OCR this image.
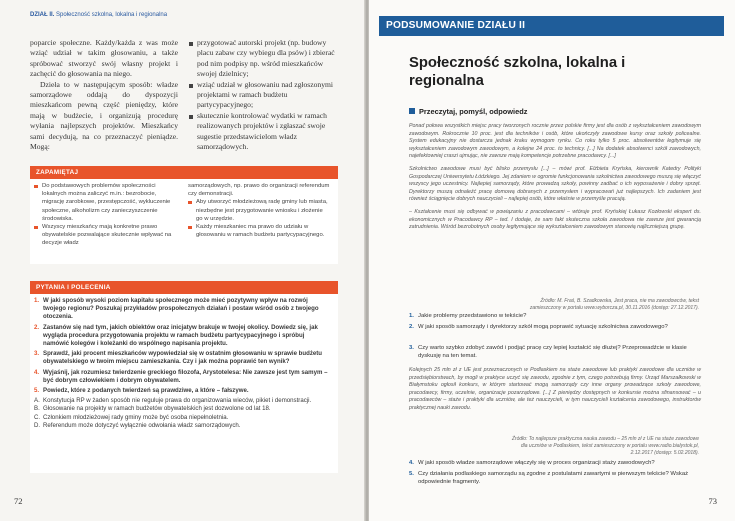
DZIAŁ II. Społeczność szkolna, lokalna i regionalna

poparcie społeczne. Każdy/każda z was może wziąć udział w takim głosowaniu, a także spróbować stworzyć swój własny projekt i zachęcić do głosowania na niego.

Dzieła to w następującym sposób: władze samorządowe oddają do dyspozycji mieszkańcom pewną część pieniędzy, które mają w budżecie, i organizują procedurę wyłania najlepszych projektów. Mieszkańcy sami decydują, na co przeznaczyć pieniądze. Mogą:

przygotować autorski projekt (np. budowy placu zabaw czy wybiegu dla psów) i zbierać pod nim podpisy np. wśród mieszkańców swojej dzielnicy;
wziąć udział w głosowaniu nad zgłoszonymi projektami w ramach budżetu partycypacyjnego;
skutecznie kontrolować wydatki w ramach realizowanych projektów i zgłaszać swoje sugestie przedstawicielom władz samorządowych.
ZAPAMIĘTAJ
Do podstawowych problemów społeczności lokalnych można zaliczyć m.in.: bezrobocie, migrację zarobkowe, przestępczość, wykluczenie społeczne, alkoholizm czy zanieczyszczenie środowiska.
Wszyscy mieszkańcy mają konkretne prawo obywatelskie pozwalające skutecznie wpływać na decyzje władz
samorządowych, np. prawo do organizacji referendum czy demonstracji.
Aby utworzyć młodzieżową radę gminy lub miasta, niezbędne jest przygotowanie wniosku i złożenie go w urzędzie.
Każdy mieszkaniec ma prawo do udziału w głosowaniu w ramach budżetu partycypacyjnego.
PYTANIA I POLECENIA
1. W jaki sposób wysoki poziom kapitału społecznego może mieć pozytywny wpływ na rozwój twojego regionu? Poszukaj przykładów prospołecznych działań i postaw wśród osób z twojego otoczenia.
2. Zastanów się nad tym, jakich obiektów oraz inicjatyw brakuje w twojej okolicy. Dowiedz się, jak wygląda procedura przygotowania projektu w ramach budżetu partycypacyjnego i spróbuj namówić kolegów i koleżanki do wspólnego napisania projektu.
3. Sprawdź, jaki procent mieszkańców wypowiedział się w ostatnim głosowaniu w sprawie budżetu obywatelskiego w twoim miejscu zamieszkania. Czy i jak można poprawić ten wynik?
4. Wyjaśnij, jak rozumiesz twierdzenie greckiego filozofa, Arystotelesa: Nie zawsze jest tym samym – być dobrym człowiekiem i dobrym obywatelem.
5. Powiedz, które z podanych twierdzeń są prawdziwe, a które – fałszywe.
A. Konstytucja RP w żaden sposób nie reguluje prawa do organizowania wieców, pikiet i demonstracji.
B. Głosowanie na projekty w ramach budżetów obywatelskich jest dozwolone od lat 18.
C. Członkiem młodzieżowej rady gminy może być osoba niepełnoletnia.
D. Referendum może dotyczyć wyłącznie odwołania władz samorządowych.
72
PODSUMOWANIE DZIAŁU II
Społeczność szkolna, lokalna i regionalna
Przeczytaj, pomyśl, odpowiedz

Ponad połowa wszystkich miejsc pracy tworzonych rocznie przez polskie firmy jest dla osób z wykształceniem zawodowym zawodowym. Rokrocznie 10 proc. jest dla techników i osób, które ukończyły zawodowe kursy oraz szkoły policealne. System edukacyjny nie dostarcza jednak kraku wymogom rynku. Co roku tylko 5 proc. absolwentów legitymuje się wykształceniem zawodowym zawodowym, a kolejne 24 proc. to technicy. [...] Na dodatek absolwenci szkół zawodowych, najefektowniej craszi ujmując, nie zawsze mają kompetencje potrzebne pracodawcy. [...]

Szkolnictwo zawodowe musi być blisko przemysłu [...] – mówi prof. Elżbieta Kryńska, kierownik Katedry Polityki Gospodarczej Uniwersytetu Łódzkiego. Jej zdaniem w ogromie funkcjonowania szkolnictwa zawodowego muszą się włączyć wszyscy jego uczestnicy. Najlepiej samorządy, które prowadzą szkoły, powinny zadbać o ich wyposażenie i dobry sprzęt. Dyrektorzy muszą odnaleźć pracę domową dobranych z przemysłem i wypracowań już najlepszych. Ich zadaniem jest również ściągnięcie dobrych nauczycieli – najlepiej osób, które właśnie w przemyśle pracują.

– Kształcenie musi się odbywać w powiązaniu z pracodawcami – wtóruje prof. Kryńskiej Łukasz Kozłowski ekspert ds. ekonomicznych w Pracodawcy RP – ted. I dodaje, że sam fakt skuteczna szkoła zawodowa nie zawsze jest gwarancją zatrudnienia. Wśród bezrobotnych osoby legitymujące się wykształceniem zawodowym stanowią najliczniejszą grupę.

Źródło: M. Fraś, B. Szadkowska, Jest praca, nie ma zawodowców, tekst zamieszczony w portalu www.wyborcza.pl, 30.11.2016 (dostęp: 27.12.2017).
1. Jakie problemy przedstawiono w tekście?
2. W jaki sposób samorządy i dyrektorzy szkół mogą poprawić sytuację szkolnictwa zawodowego?
3. Czy warto szybko zdobyć zawód i podjąć pracę czy lepiej kształcić się dłużej? Przeprowadźcie w klasie dyskusję na ten temat.
Kolejnych 25 mln zł z UE jest przeznaczonych w Podlaskiem na staże zawodowe lub praktyki zawodowe dla uczniów w przedsiębiorstwach, by mogli w praktyce uczyć się zawodu, zgodnie z tym, czego potrzebują firmy. Urząd Marszałkowski w Białymstoku ogłosił konkurs, w którym startować mogą samorządy czy inne organy prowadzące szkoły zawodowe, pracodawcy, firmy, uczelnie, organizacje pozarządowe. [...] Z pieniędzy dostępnych w konkursie można sfinansować – u pracodawców – staże i praktyki dla uczniów, ale też nauczycieli, w tym nauczycieli kształcenia zawodowego, instruktorów praktycznej nauki zawodu.
Źródło: To najlepsze praktyczna nauka zawodu – 25 mln zł z UE na staże zawodowe dla uczniów w Podlaskiem, tekst zamieszczony w portalu www.radio.bialystok.pl, 2.12.2017 (dostęp: 5.02.2018).
4. W jaki sposób władze samorządowe włączyły się w proces organizacji staży zawodowych?
5. Czy działania podlaskiego samorządu są zgodne z postulatami zawartymi w pierwszym tekście? Wskaż odpowiednie fragmenty.
73
